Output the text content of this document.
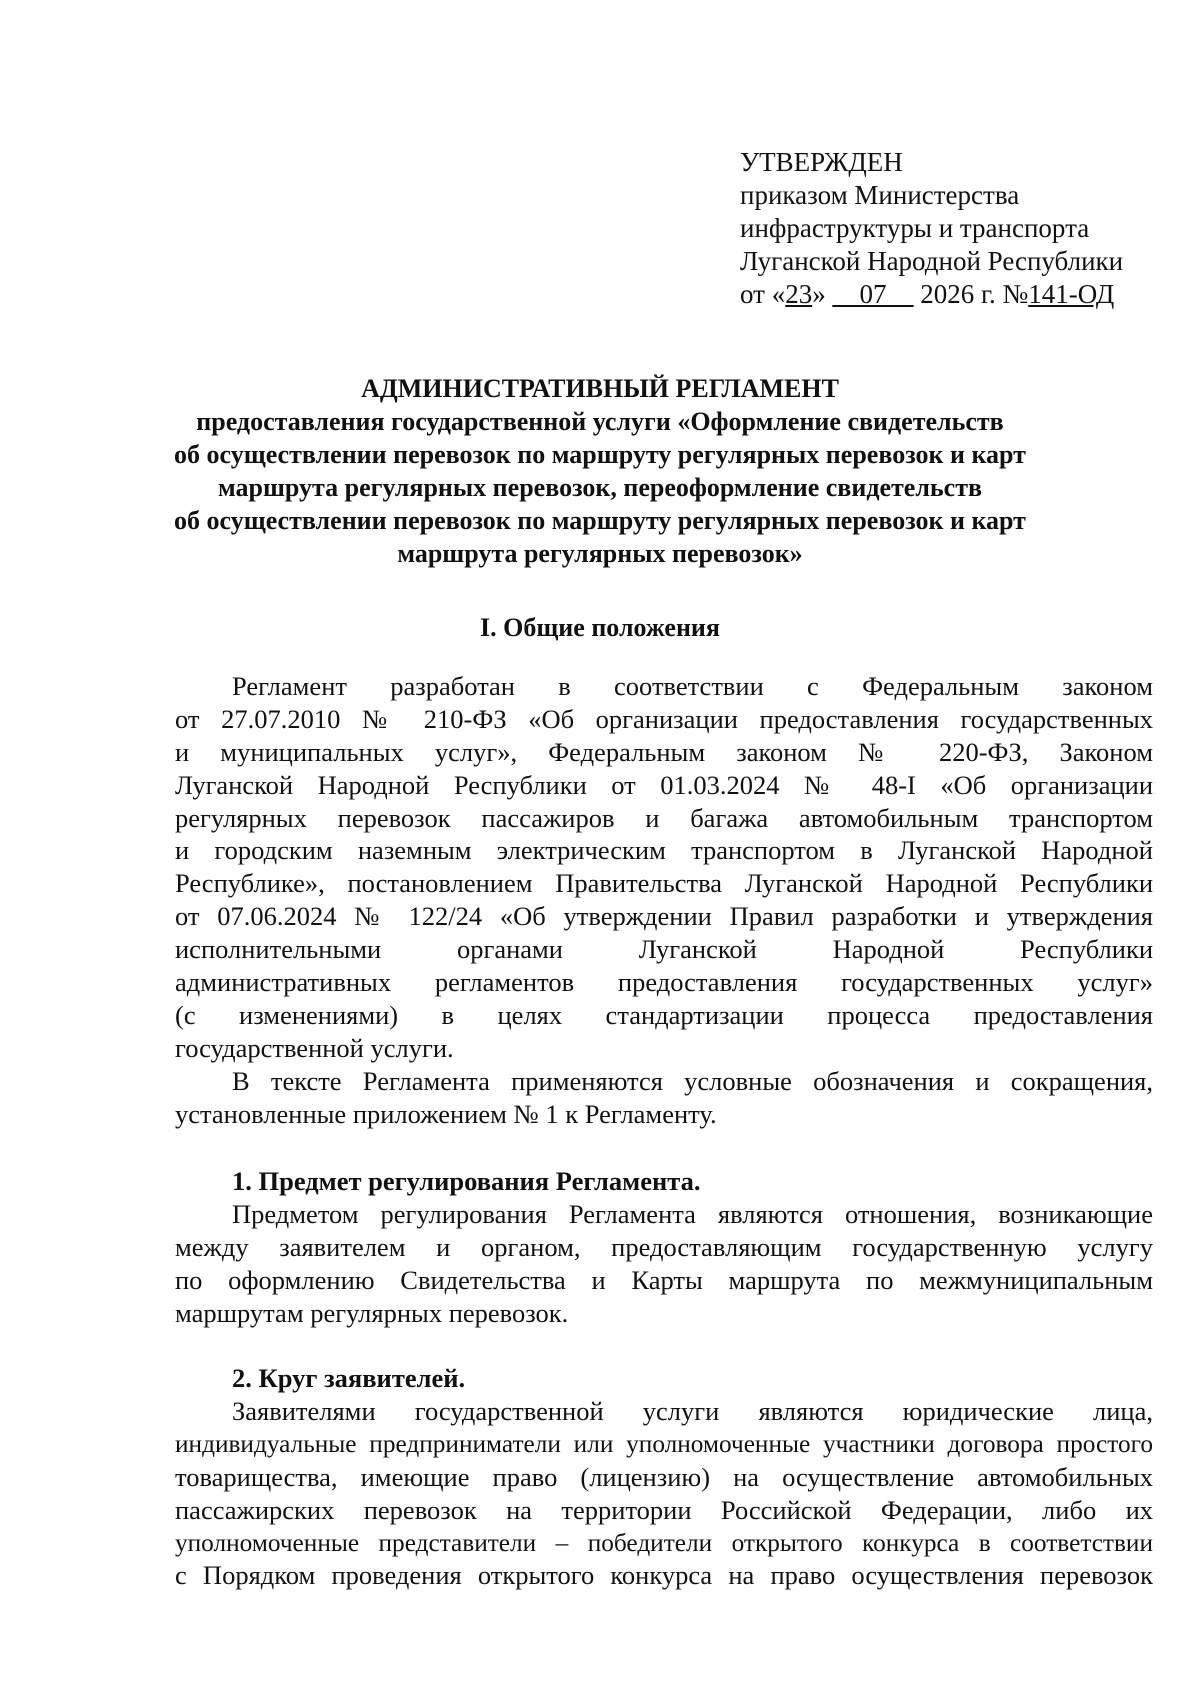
УТВЕРЖДЕН
приказом Министерства
инфраструктуры и транспорта
Луганской Народной Республики
от «23» __07__ 2026 г. №141-ОД
АДМИНИСТРАТИВНЫЙ РЕГЛАМЕНТ
предоставления государственной услуги «Оформление свидетельств
об осуществлении перевозок по маршруту регулярных перевозок и карт
маршрута регулярных перевозок, переоформление свидетельств
об осуществлении перевозок по маршруту регулярных перевозок и карт
маршрута регулярных перевозок»
I. Общие положения
Регламент разработан в соответствии с Федеральным законом
от 27.07.2010 № 210-ФЗ «Об организации предоставления государственных
и муниципальных услуг», Федеральным законом № 220-ФЗ, Законом
Луганской Народной Республики от 01.03.2024 № 48-I «Об организации
регулярных перевозок пассажиров и багажа автомобильным транспортом
и городским наземным электрическим транспортом в Луганской Народной
Республике», постановлением Правительства Луганской Народной Республики
от 07.06.2024 № 122/24 «Об утверждении Правил разработки и утверждения
исполнительными органами Луганской Народной Республики
административных регламентов предоставления государственных услуг»
(с изменениями) в целях стандартизации процесса предоставления
государственной услуги.
В тексте Регламента применяются условные обозначения и сокращения,
установленные приложением № 1 к Регламенту.
1. Предмет регулирования Регламента.
Предметом регулирования Регламента являются отношения, возникающие
между заявителем и органом, предоставляющим государственную услугу
по оформлению Свидетельства и Карты маршрута по межмуниципальным
маршрутам регулярных перевозок.
2. Круг заявителей.
Заявителями государственной услуги являются юридические лица,
индивидуальные предприниматели или уполномоченные участники договора простого
товарищества, имеющие право (лицензию) на осуществление автомобильных
пассажирских перевозок на территории Российской Федерации, либо их
уполномоченные представители – победители открытого конкурса в соответствии
с Порядком проведения открытого конкурса на право осуществления перевозок
